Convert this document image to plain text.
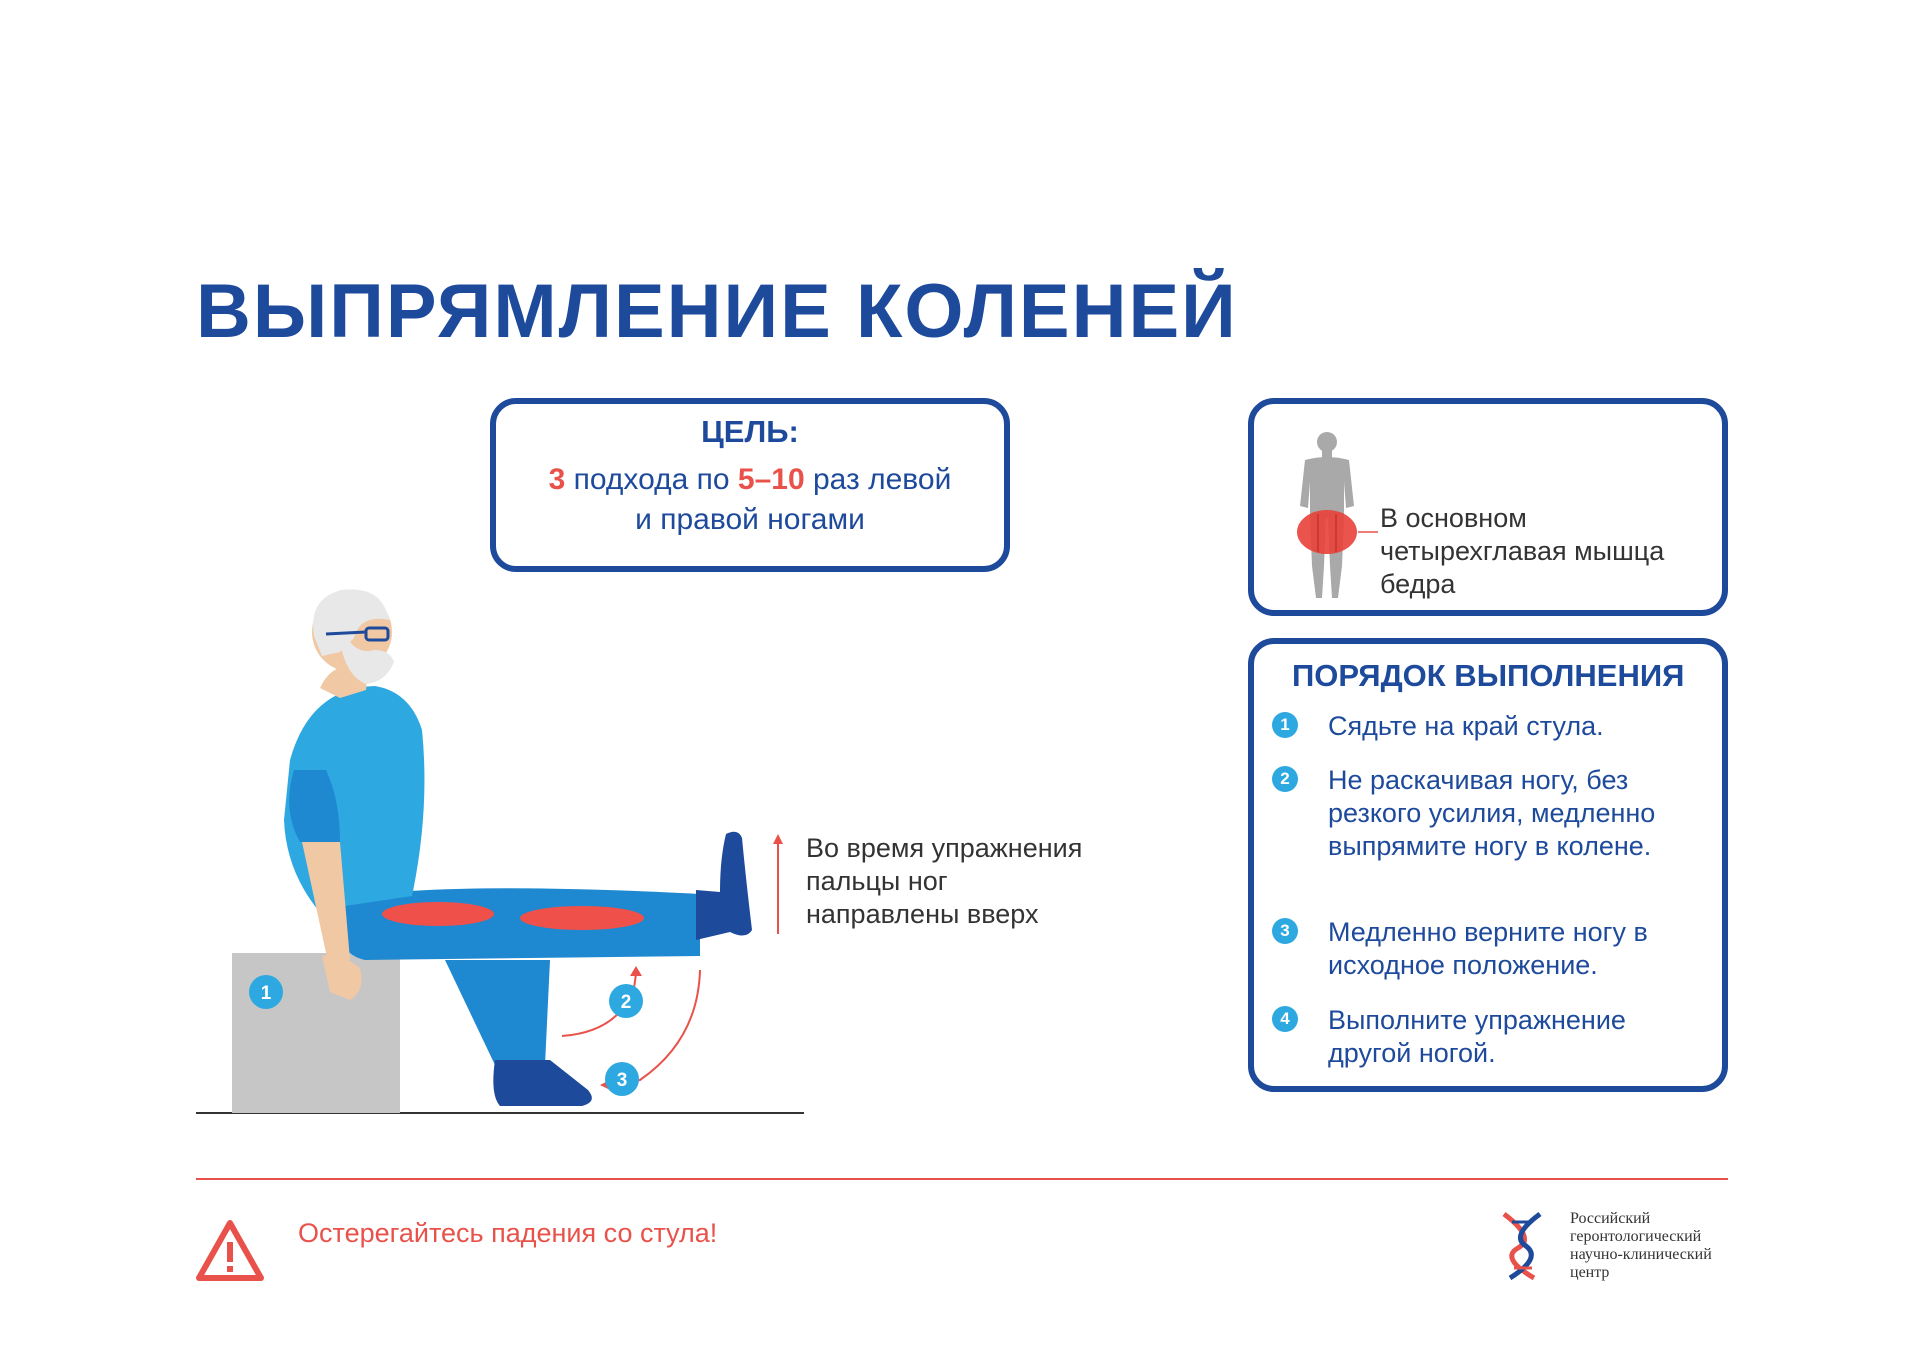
ВЫПРЯМЛЕНИЕ КОЛЕНЕЙ
ЦЕЛЬ:
3 подхода по 5–10 раз левой
и правой ногами	В основном
четырехглавая мышца
бедра
ПОРЯДОК ВЫПОЛНЕНИЯ
1	Сядьте на край стула.
2	Не раскачивая ногу, без резкого усилия, медленно выпрямите ногу в колене.
3	Медленно верните ногу в исходное положение.
4	Выполните упражнение другой ногой.
1	2
3
Во время упражнения
пальцы ног
направлены вверх
Остерегайтесь падения со стула!	Российский
геронтологический
научно-клинический
центр
